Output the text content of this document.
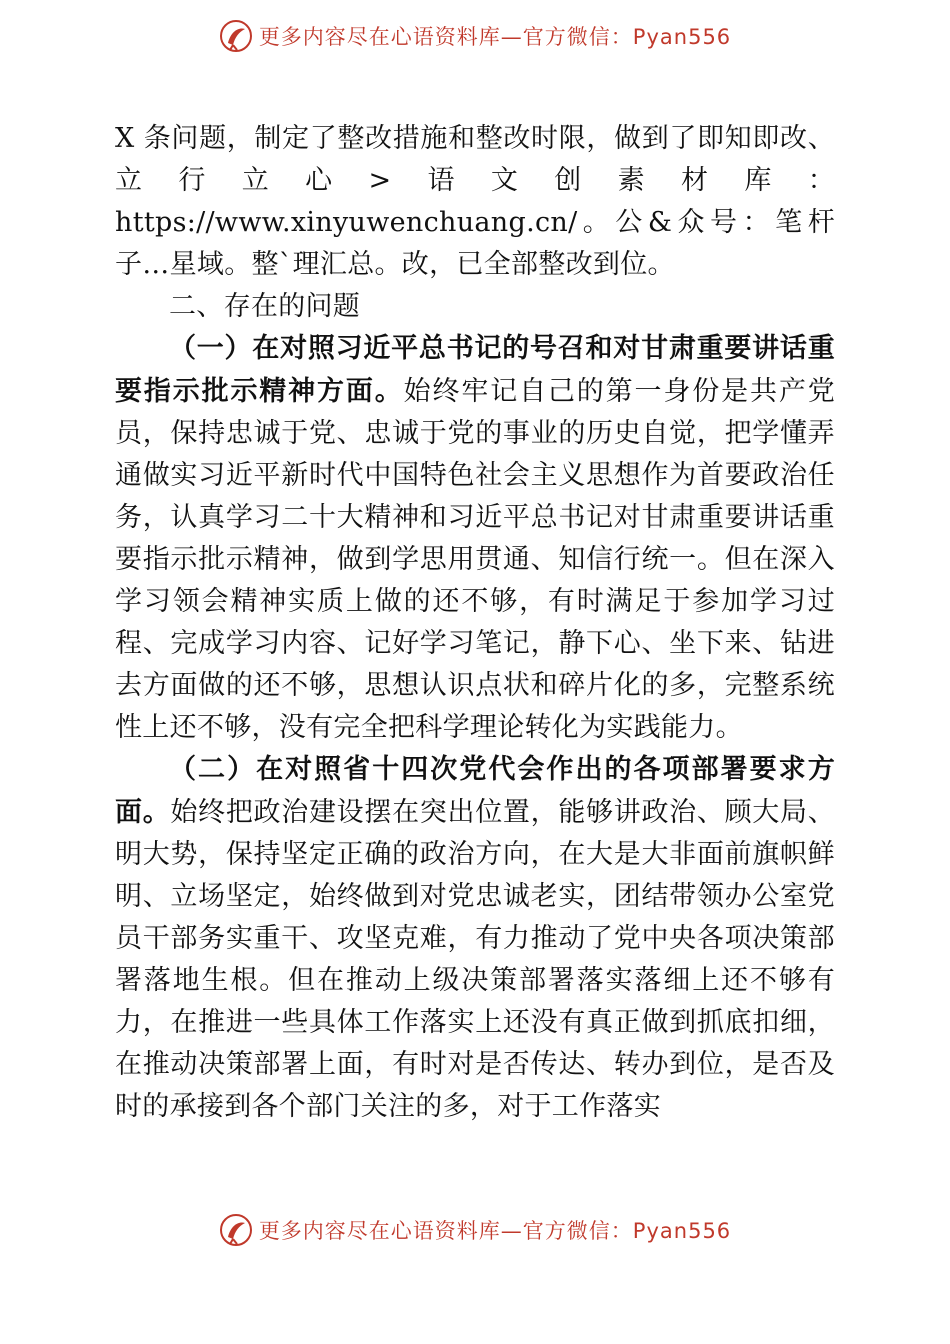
更多内容尽在心语资料库—官方微信：Pyan556

X 条问题，制定了整改措施和整改时限，做到了即知即改、立行立心>语文创素材库：https://www.xinyuwenchuang.cn/。公&众号：笔杆子…星域。整`理汇总。改，已全部整改到位。

二、存在的问题

（一）在对照习近平总书记的号召和对甘肃重要讲话重要指示批示精神方面。始终牢记自己的第一身份是共产党员，保持忠诚于党、忠诚于党的事业的历史自觉，把学懂弄通做实习近平新时代中国特色社会主义思想作为首要政治任务，认真学习二十大精神和习近平总书记对甘肃重要讲话重要指示批示精神，做到学思用贯通、知信行统一。但在深入学习领会精神实质上做的还不够，有时满足于参加学习过程、完成学习内容、记好学习笔记，静下心、坐下来、钻进去方面做的还不够，思想认识点状和碎片化的多，完整系统性上还不够，没有完全把科学理论转化为实践能力。

（二）在对照省十四次党代会作出的各项部署要求方面。始终把政治建设摆在突出位置，能够讲政治、顾大局、明大势，保持坚定正确的政治方向，在大是大非面前旗帜鲜明、立场坚定，始终做到对党忠诚老实，团结带领办公室党员干部务实重干、攻坚克难，有力推动了党中央各项决策部署落地生根。但在推动上级决策部署落实落细上还不够有力，在推进一些具体工作落实上还没有真正做到抓底扣细，在推动决策部署上面，有时对是否传达、转办到位，是否及时的承接到各个部门关注的多，对于工作落实

更多内容尽在心语资料库—官方微信：Pyan556
